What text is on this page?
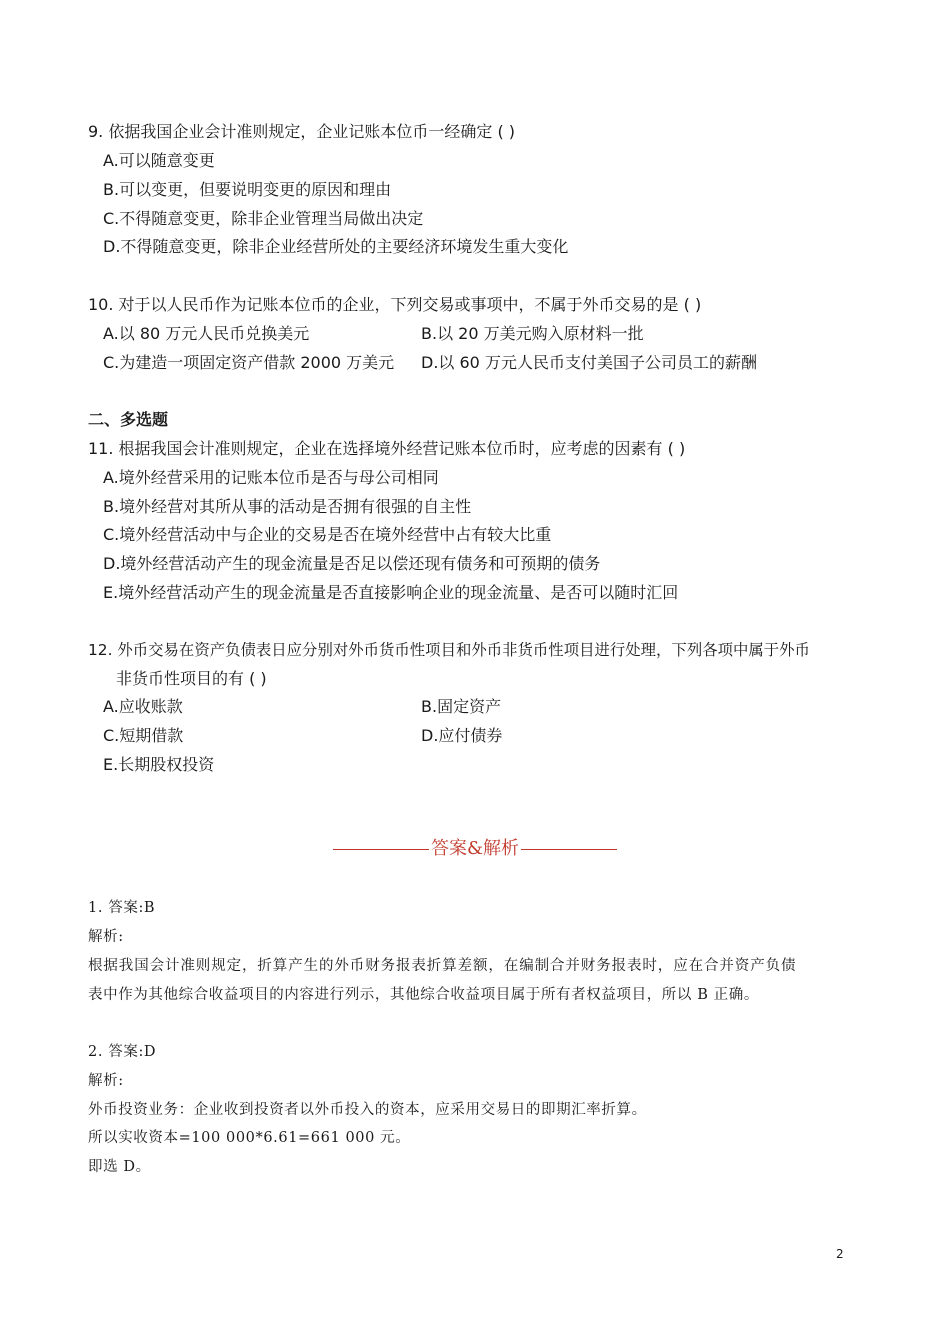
9. 依据我国企业会计准则规定，企业记账本位币一经确定 ( )
A.可以随意变更
B.可以变更，但要说明变更的原因和理由
C.不得随意变更，除非企业管理当局做出决定
D.不得随意变更，除非企业经营所处的主要经济环境发生重大变化
10. 对于以人民币作为记账本位币的企业，下列交易或事项中，不属于外币交易的是 ( )
A.以 80 万元人民币兑换美元	B.以 20 万美元购入原材料一批
C.为建造一项固定资产借款 2000 万美元 D.以 60 万元人民币支付美国子公司员工的薪酬
二、多选题
11. 根据我国会计准则规定，企业在选择境外经营记账本位币时，应考虑的因素有 ( )
A.境外经营采用的记账本位币是否与母公司相同
B.境外经营对其所从事的活动是否拥有很强的自主性
C.境外经营活动中与企业的交易是否在境外经营中占有较大比重
D.境外经营活动产生的现金流量是否足以偿还现有债务和可预期的债务
E.境外经营活动产生的现金流量是否直接影响企业的现金流量、是否可以随时汇回
12. 外币交易在资产负债表日应分别对外币货币性项目和外币非货币性项目进行处理，下列各项中属于外币
非货币性项目的有 ( )
A.应收账款	B.固定资产
C.短期借款	D.应付债券
E.长期股权投资
答案&解析
1. 答案:B
解析:
根据我国会计准则规定，折算产生的外币财务报表折算差额，在编制合并财务报表时，应在合并资产负债
表中作为其他综合收益项目的内容进行列示，其他综合收益项目属于所有者权益项目，所以 B 正确。
2. 答案:D
解析:
外币投资业务：企业收到投资者以外币投入的资本，应采用交易日的即期汇率折算。
所以实收资本=100 000*6.61=661 000 元。
即选 D。
2
